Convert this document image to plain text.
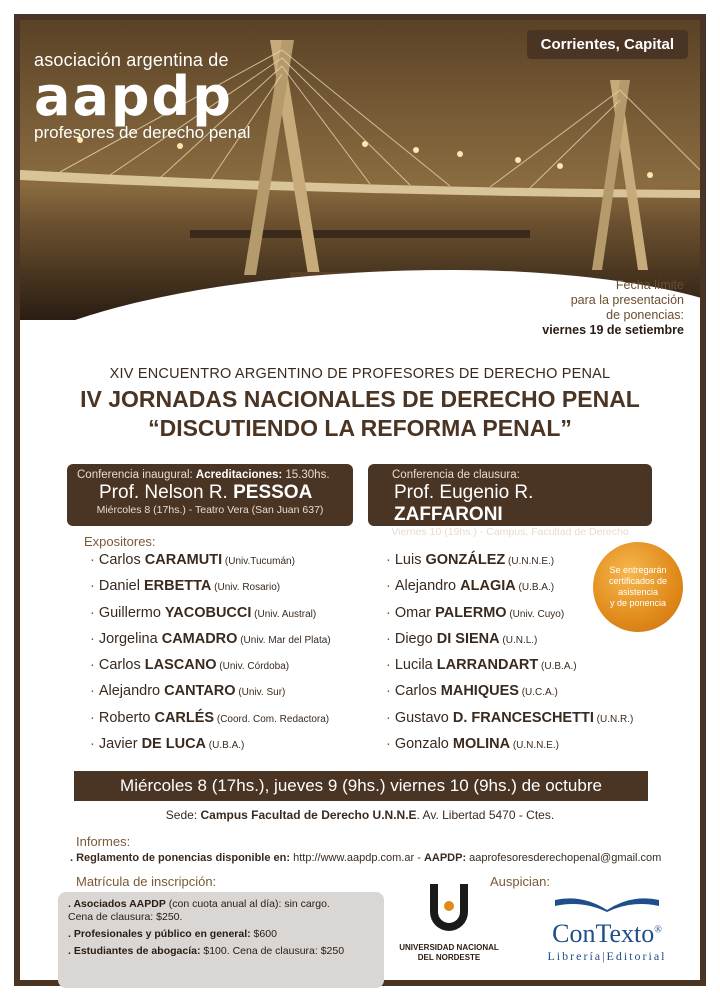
Corrientes, Capital
asociación argentina de
aapdp
profesores de derecho penal
Fecha límite
para la presentación
de ponencias:
viernes 19 de setiembre
XIV ENCUENTRO ARGENTINO DE PROFESORES DE DERECHO PENAL
IV JORNADAS NACIONALES DE DERECHO PENAL
“DISCUTIENDO LA REFORMA PENAL”
Conferencia inaugural: Acreditaciones: 15.30hs.
Prof. Nelson R. PESSOA
Miércoles 8 (17hs.) - Teatro Vera (San Juan 637)
Conferencia de clausura:
Prof. Eugenio R. ZAFFARONI
Viernes 10 (19hs.) - Campus, Facultad de Derecho
Expositores:
· Carlos CARAMUTI (Univ.Tucumán)
· Daniel ERBETTA (Univ. Rosario)
· Guillermo YACOBUCCI (Univ. Austral)
· Jorgelina CAMADRO (Univ. Mar del Plata)
· Carlos LASCANO (Univ. Córdoba)
· Alejandro CANTARO (Univ. Sur)
· Roberto CARLÉS (Coord. Com. Redactora)
· Javier DE LUCA (U.B.A.)
· Luis GONZÁLEZ (U.N.N.E.)
· Alejandro ALAGIA (U.B.A.)
· Omar PALERMO (Univ. Cuyo)
· Diego DI SIENA (U.N.L.)
· Lucila LARRANDART (U.B.A.)
· Carlos MAHIQUES (U.C.A.)
· Gustavo D. FRANCESCHETTI (U.N.R.)
· Gonzalo MOLINA (U.N.N.E.)
Se entregarán
certificados de
asistencia
y de ponencia
Miércoles 8 (17hs.), jueves 9 (9hs.) viernes 10 (9hs.) de octubre
Sede: Campus Facultad de Derecho U.N.N.E. Av. Libertad 5470 - Ctes.
Informes:
. Reglamento de ponencias disponible en: http://www.aapdp.com.ar - AAPDP: aaprofesoresderechopenal@gmail.com
Matrícula de inscripción:	Auspician:
. Asociados AAPDP (con cuota anual al día): sin cargo.
Cena de clausura: $250.
. Profesionales y público en general: $600
. Estudiantes de abogacía: $100. Cena de clausura: $250	UNIVERSIDAD NACIONAL
DEL NORDESTE
ConTexto®
Librería|Editorial
